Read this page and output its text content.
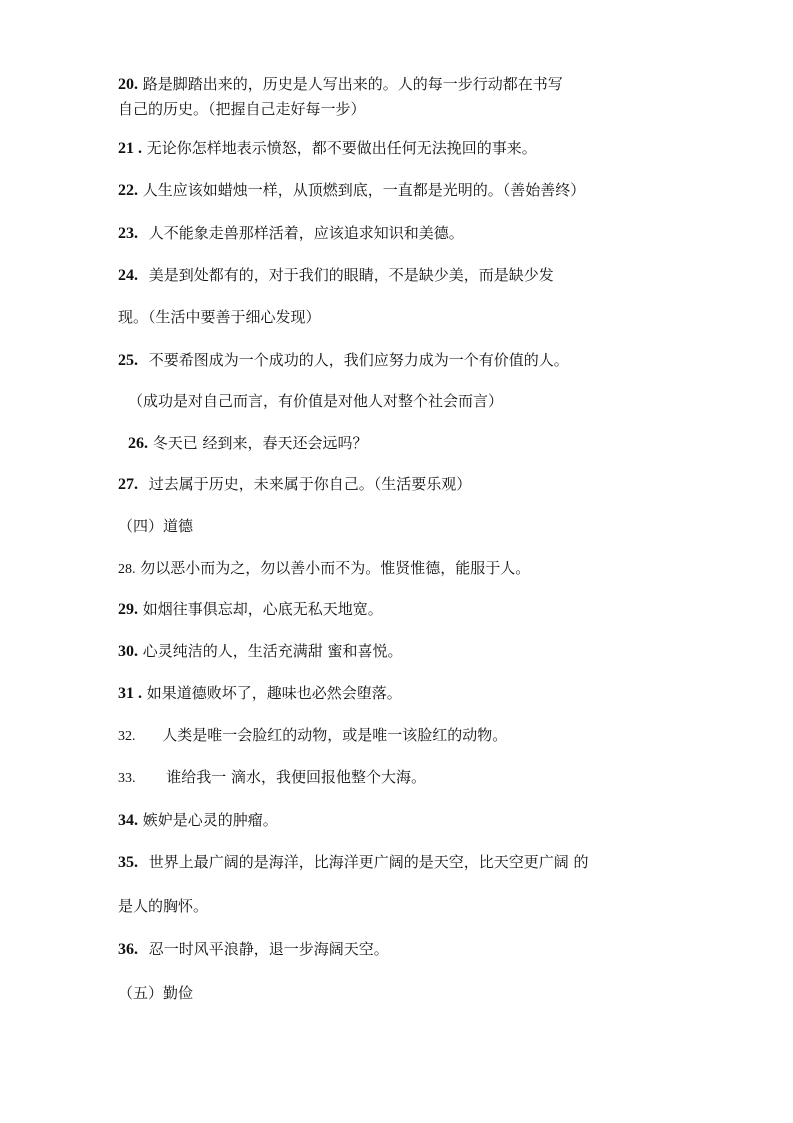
20. 路是脚踏出来的，历史是人写出来的。人的每一步行动都在书写
自己的历史。（把握自己走好每一步）
21 . 无论你怎样地表示愤怒，都不要做出任何无法挽回的事来。
22. 人生应该如蜡烛一样，从顶燃到底，一直都是光明的。（善始善终）
23. 人不能象走兽那样活着，应该追求知识和美德。
24. 美是到处都有的，对于我们的眼睛，不是缺少美，而是缺少发
现。（生活中要善于细心发现）
25. 不要希图成为一个成功的人，我们应努力成为一个有价值的人。
（成功是对自己而言，有价值是对他人对整个社会而言）
26. 冬天已 经到来，春天还会远吗？
27. 过去属于历史，未来属于你自己。（生活要乐观）
（四）道德
28. 勿以恶小而为之，勿以善小而不为。惟贤惟德，能服于人。
29. 如烟往事俱忘却，心底无私天地宽。
30. 心灵纯洁的人，生活充满甜 蜜和喜悦。
31 . 如果道德败坏了，趣味也必然会堕落。
32. 人类是唯一会脸红的动物，或是唯一该脸红的动物。
33. 谁给我一 滴水，我便回报他整个大海。
34. 嫉妒是心灵的肿瘤。
35. 世界上最广阔的是海洋，比海洋更广阔的是天空，比天空更广阔 的
是人的胸怀。
36. 忍一时风平浪静，退一步海阔天空。
（五）勤俭
